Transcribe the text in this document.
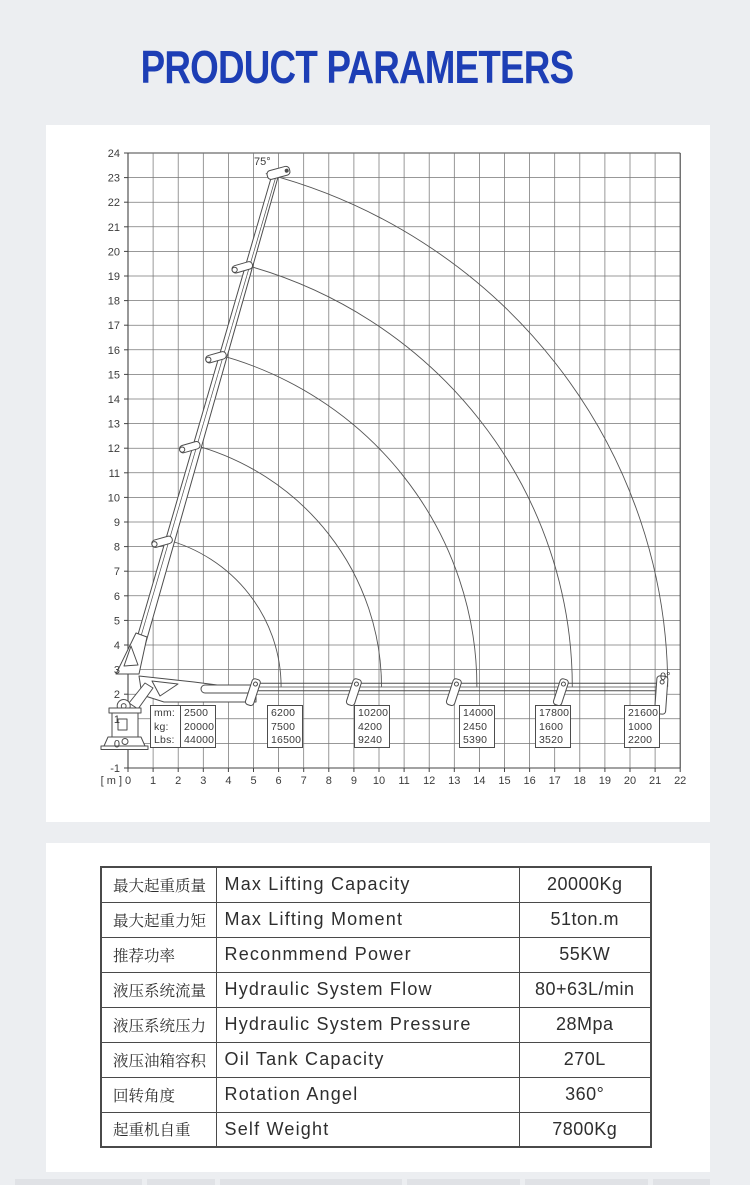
PRODUCT PARAMETERS
24
23
22
21
20
19
18
17
16
15
14
13
12
11
10
9
8
7
6
5
4
3
2
1
0
-1
0 1 2 3 4 5 6 7 8 9 10 11 12 13 14 15 16 17 18 19 20 21 22
[ m ]
75°
0°
mm:
kg:
Lbs:
2500
20000
44000
6200
7500
16500
10200
4200
9240
14000
2450
5390
17800
1600
3520
21600
1000
2200
最大起重质量	Max Lifting Capacity	20000Kg
最大起重力矩	Max Lifting Moment	51ton.m
推荐功率	Reconmmend Power	55KW
液压系统流量	Hydraulic System Flow	80+63L/min
液压系统压力	Hydraulic System Pressure	28Mpa
液压油箱容积	Oil Tank Capacity	270L
回转角度	Rotation Angel	360°
起重机自重	Self Weight	7800Kg
